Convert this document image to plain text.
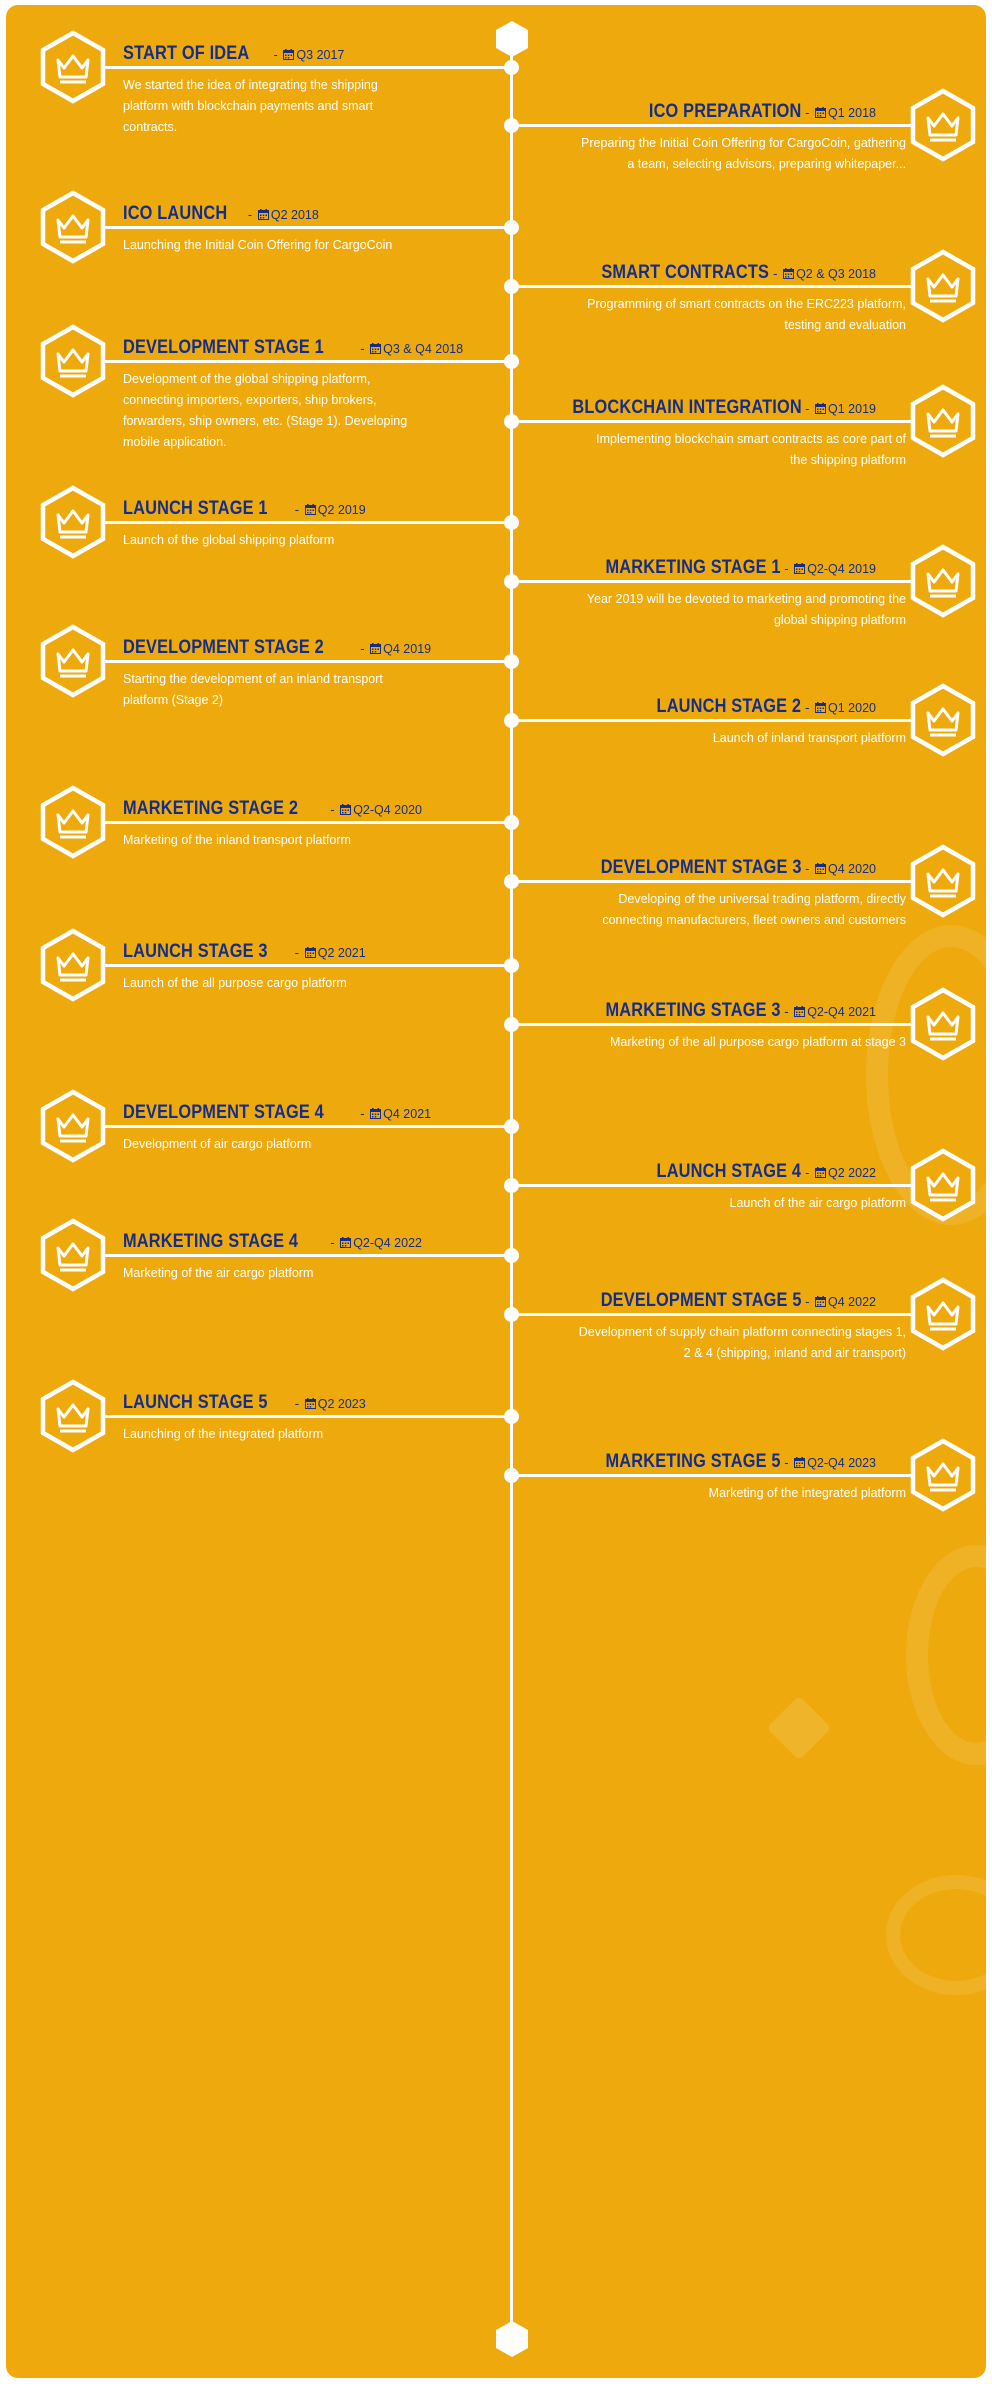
START OF IDEA -
Q3 2017
We started the idea of integrating the shipping platform with blockchain payments and smart contracts.
ICO PREPARATION -
Q1 2018
Preparing the Initial Coin Offering for CargoCoin, gathering a team, selecting advisors, preparing whitepaper...
ICO LAUNCH -
Q2 2018
Launching the Initial Coin Offering for CargoCoin
SMART CONTRACTS -
Q2 & Q3 2018
Programming of smart contracts on the ERC223 platform, testing and evaluation
DEVELOPMENT STAGE 1	-
Q3 & Q4 2018
Development of the global shipping platform, connecting importers, exporters, ship brokers, forwarders, ship owners, etc. (Stage 1). Developing mobile application.
BLOCKCHAIN INTEGRATION -
Q1 2019
Implementing blockchain smart contracts as core part of the shipping platform
LAUNCH STAGE 1 -
Q2 2019
Launch of the global shipping platform
MARKETING STAGE 1 -
Q2-Q4 2019
Year 2019 will be devoted to marketing and promoting the global shipping platform
DEVELOPMENT STAGE 2	-
Q4 2019
Starting the development of an inland transport platform (Stage 2)	LAUNCH STAGE 2 -
Q1 2020
Launch of inland transport platform
MARKETING STAGE 2 -
Q2-Q4 2020
Marketing of the inland transport platform
DEVELOPMENT STAGE 3 -
Q4 2020
Developing of the universal trading platform, directly connecting manufacturers, fleet owners and customers
LAUNCH STAGE 3 -
Q2 2021
Launch of the all purpose cargo platform
MARKETING STAGE 3 -
Q2-Q4 2021
Marketing of the all purpose cargo platform at stage 3
DEVELOPMENT STAGE 4	-
Q4 2021
Development of air cargo platform
LAUNCH STAGE 4 -
Q2 2022
Launch of the air cargo platform
MARKETING STAGE 4 -
Q2-Q4 2022
Marketing of the air cargo platform
DEVELOPMENT STAGE 5 -
Q4 2022
Development of supply chain platform connecting stages 1, 2 & 4 (shipping, inland and air transport)
LAUNCH STAGE 5 -
Q2 2023
Launching of the integrated platform
MARKETING STAGE 5 -
Q2-Q4 2023
Marketing of the integrated platform
